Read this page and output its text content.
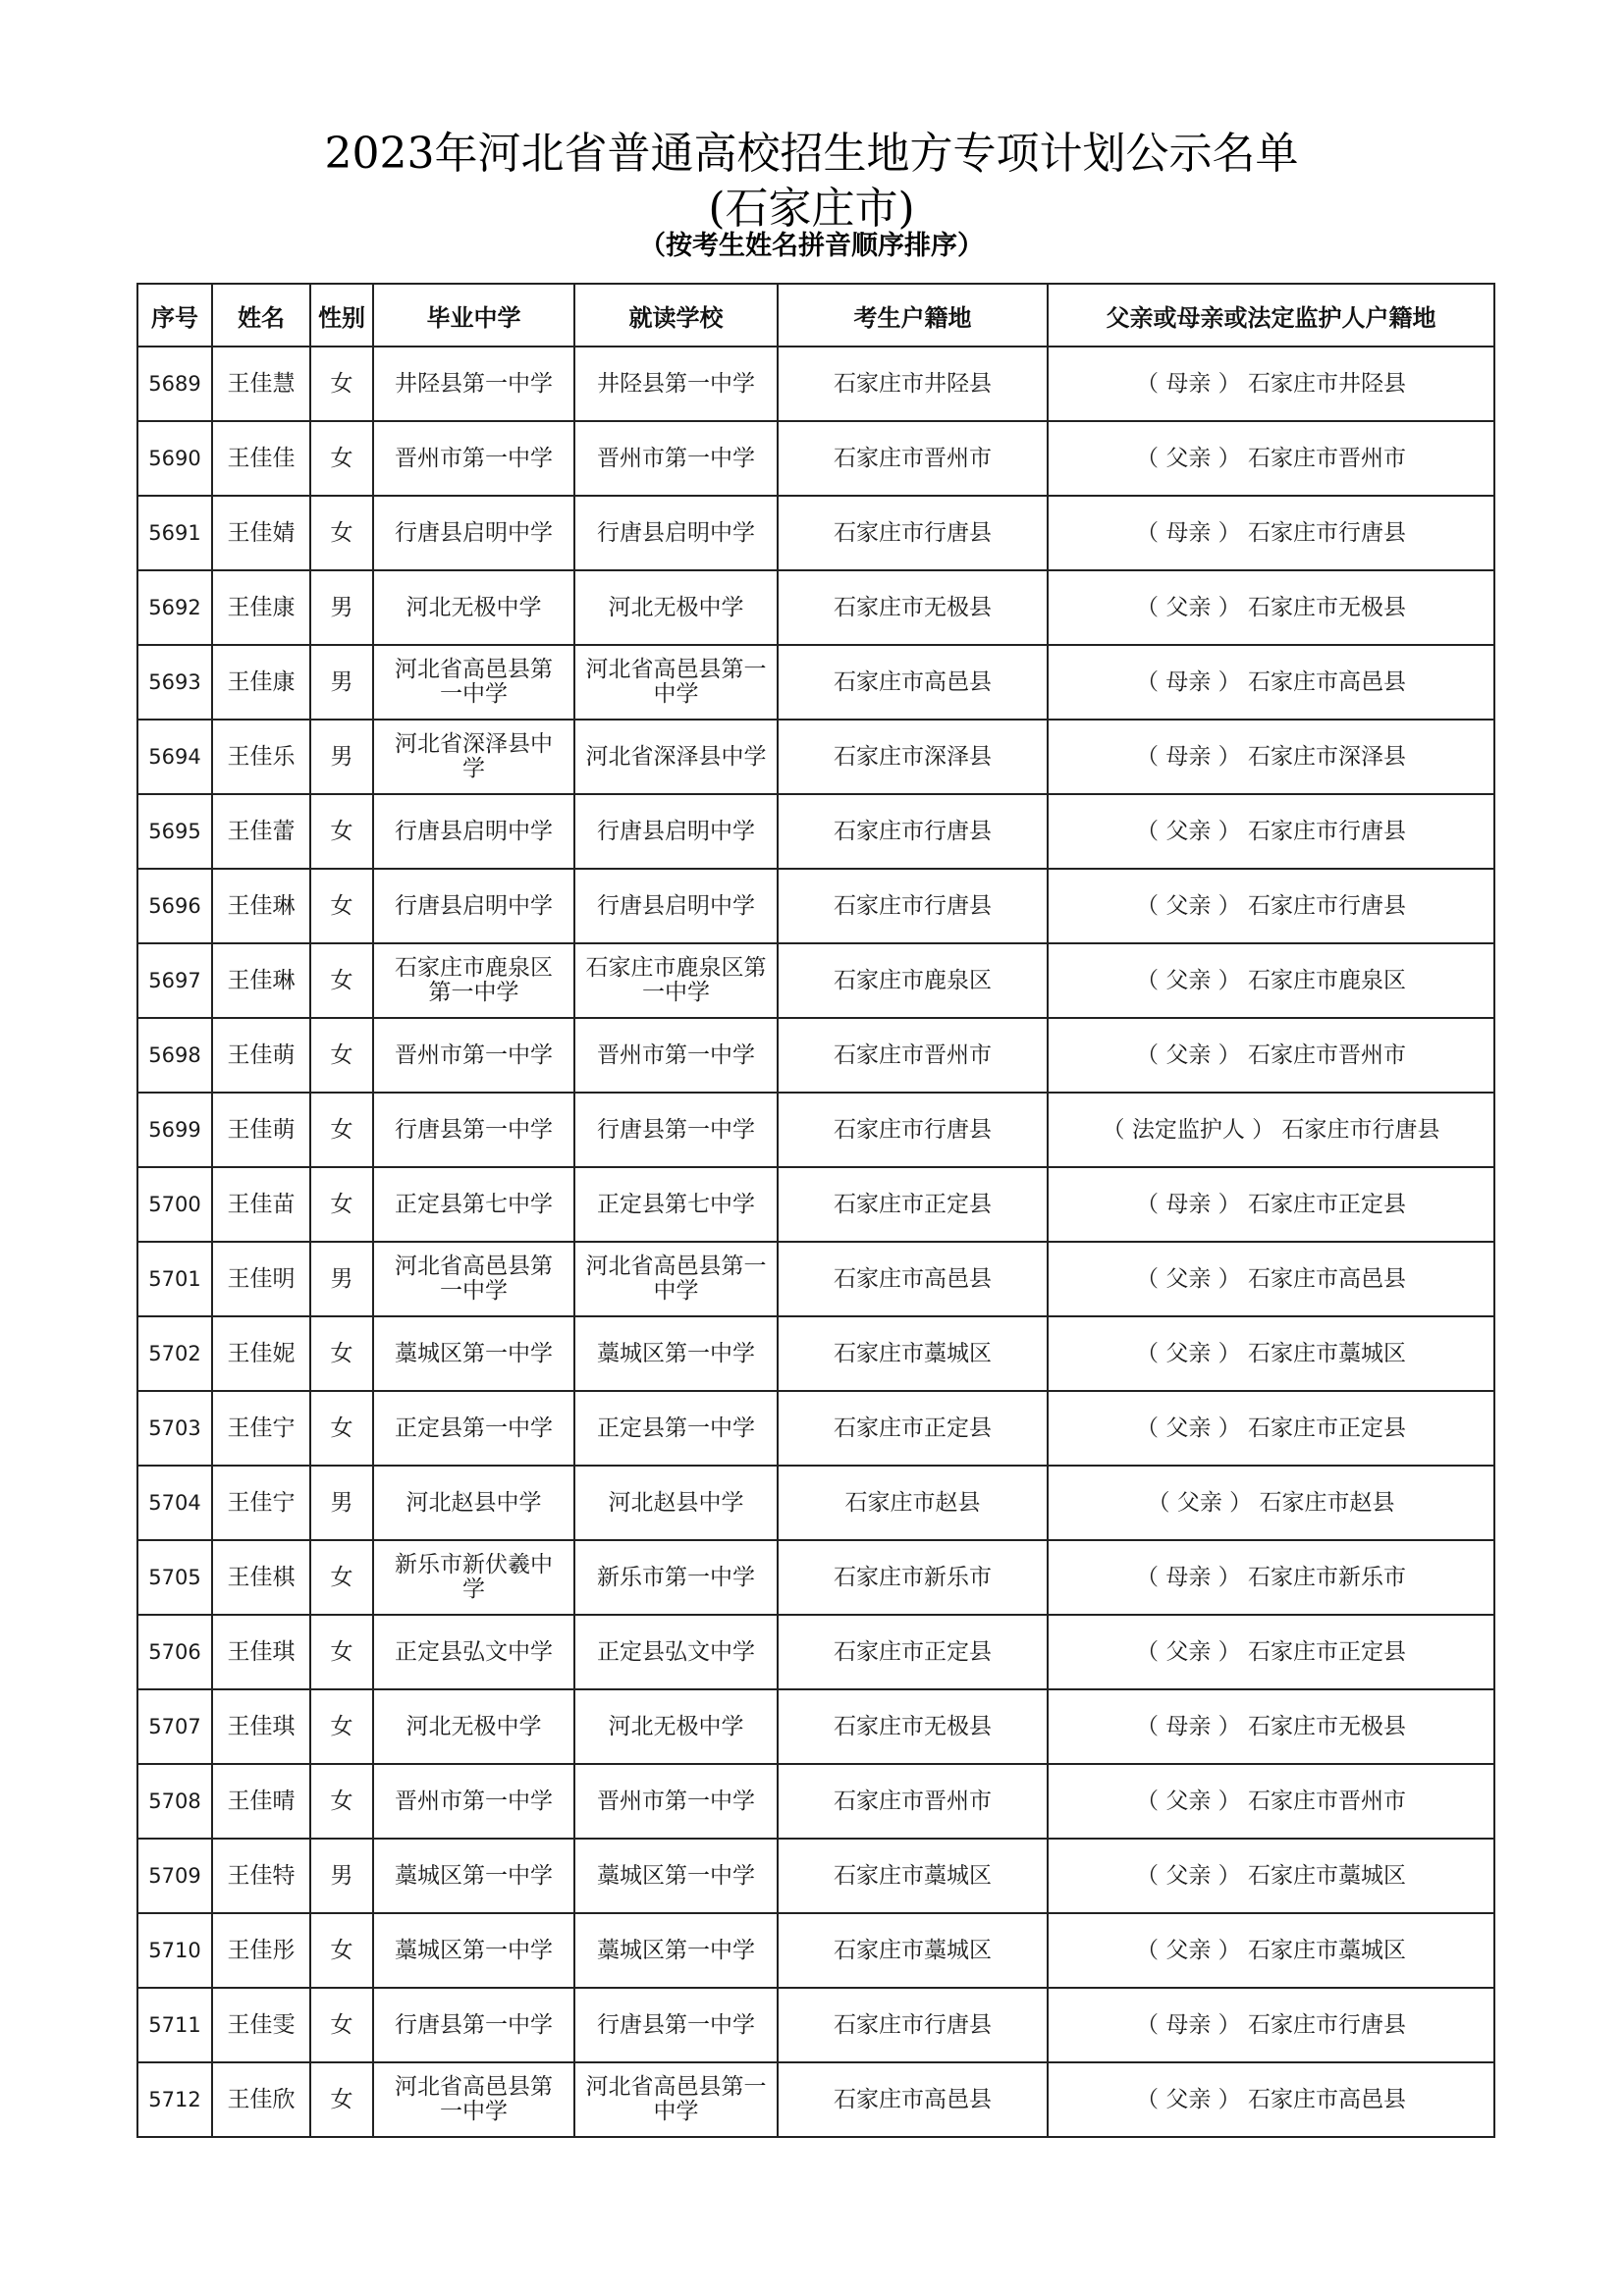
2023年河北省普通高校招生地方专项计划公示名单
(石家庄市)
（按考生姓名拼音顺序排序）
序号	姓名	性别	毕业中学	就读学校	考生户籍地	父亲或母亲或法定监护人户籍地
5689	王佳慧	女	井陉县第一中学	井陉县第一中学	石家庄市井陉县	（ 母亲 ） 石家庄市井陉县
5690	王佳佳	女	晋州市第一中学	晋州市第一中学	石家庄市晋州市	（ 父亲 ） 石家庄市晋州市
5691	王佳婧	女	行唐县启明中学	行唐县启明中学	石家庄市行唐县	（ 母亲 ） 石家庄市行唐县
5692	王佳康	男	河北无极中学	河北无极中学	石家庄市无极县	（ 父亲 ） 石家庄市无极县
5693	王佳康	男	河北省高邑县第一中学	河北省高邑县第一中学	石家庄市高邑县	（ 母亲 ） 石家庄市高邑县
5694	王佳乐	男	河北省深泽县中学	河北省深泽县中学	石家庄市深泽县	（ 母亲 ） 石家庄市深泽县
5695	王佳蕾	女	行唐县启明中学	行唐县启明中学	石家庄市行唐县	（ 父亲 ） 石家庄市行唐县
5696	王佳琳	女	行唐县启明中学	行唐县启明中学	石家庄市行唐县	（ 父亲 ） 石家庄市行唐县
5697	王佳琳	女	石家庄市鹿泉区第一中学	石家庄市鹿泉区第一中学	石家庄市鹿泉区	（ 父亲 ） 石家庄市鹿泉区
5698	王佳萌	女	晋州市第一中学	晋州市第一中学	石家庄市晋州市	（ 父亲 ） 石家庄市晋州市
5699	王佳萌	女	行唐县第一中学	行唐县第一中学	石家庄市行唐县	（ 法定监护人 ） 石家庄市行唐县
5700	王佳苗	女	正定县第七中学	正定县第七中学	石家庄市正定县	（ 母亲 ） 石家庄市正定县
5701	王佳明	男	河北省高邑县第一中学	河北省高邑县第一中学	石家庄市高邑县	（ 父亲 ） 石家庄市高邑县
5702	王佳妮	女	藁城区第一中学	藁城区第一中学	石家庄市藁城区	（ 父亲 ） 石家庄市藁城区
5703	王佳宁	女	正定县第一中学	正定县第一中学	石家庄市正定县	（ 父亲 ） 石家庄市正定县
5704	王佳宁	男	河北赵县中学	河北赵县中学	石家庄市赵县	（ 父亲 ） 石家庄市赵县
5705	王佳棋	女	新乐市新伏羲中学	新乐市第一中学	石家庄市新乐市	（ 母亲 ） 石家庄市新乐市
5706	王佳琪	女	正定县弘文中学	正定县弘文中学	石家庄市正定县	（ 父亲 ） 石家庄市正定县
5707	王佳琪	女	河北无极中学	河北无极中学	石家庄市无极县	（ 母亲 ） 石家庄市无极县
5708	王佳晴	女	晋州市第一中学	晋州市第一中学	石家庄市晋州市	（ 父亲 ） 石家庄市晋州市
5709	王佳特	男	藁城区第一中学	藁城区第一中学	石家庄市藁城区	（ 父亲 ） 石家庄市藁城区
5710	王佳彤	女	藁城区第一中学	藁城区第一中学	石家庄市藁城区	（ 父亲 ） 石家庄市藁城区
5711	王佳雯	女	行唐县第一中学	行唐县第一中学	石家庄市行唐县	（ 母亲 ） 石家庄市行唐县
5712	王佳欣	女	河北省高邑县第一中学	河北省高邑县第一中学	石家庄市高邑县	（ 父亲 ） 石家庄市高邑县
